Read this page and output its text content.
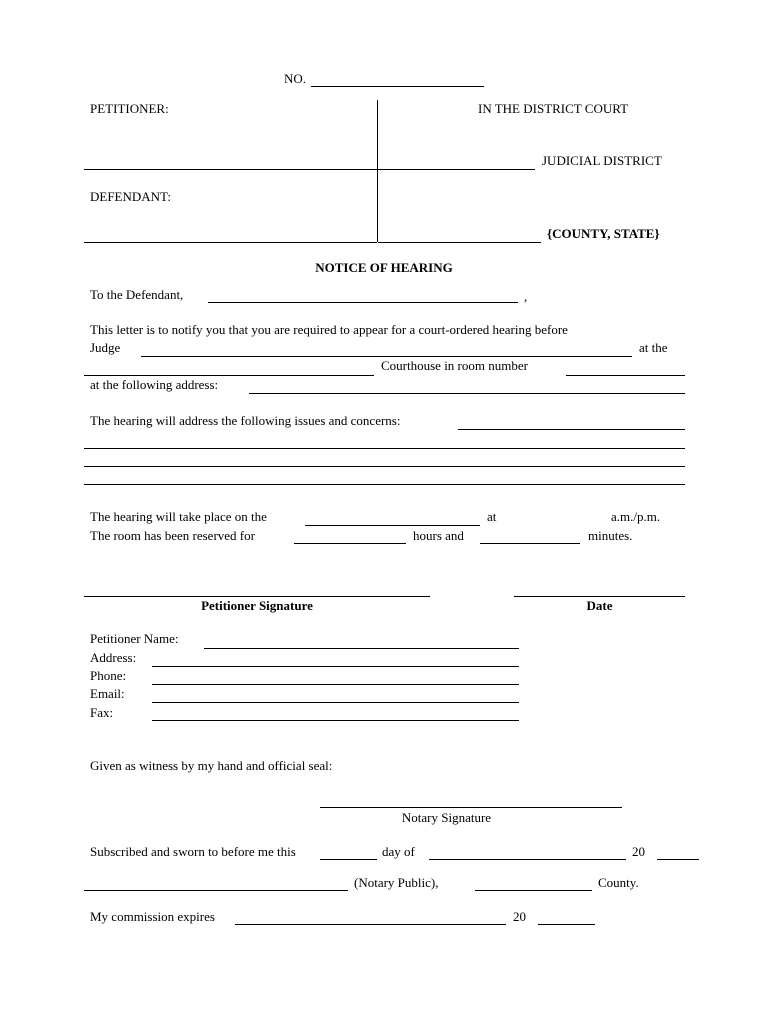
NO.
PETITIONER:	IN THE DISTRICT COURT
JUDICIAL DISTRICT
DEFENDANT:
{COUNTY, STATE}
NOTICE OF HEARING
To the Defendant,	,
This letter is to notify you that you are required to appear for a court-ordered hearing before
Judge	at the
Courthouse in room number
at the following address:
The hearing will address the following issues and concerns:
The hearing will take place on the	at	a.m./p.m.
The room has been reserved for	hours and	minutes.
Petitioner Signature	Date
Petitioner Name:
Address:
Phone:
Email:
Fax:
Given as witness by my hand and official seal:
Notary Signature
Subscribed and sworn to before me this	day of	20
(Notary Public),	County.
My commission expires	20
